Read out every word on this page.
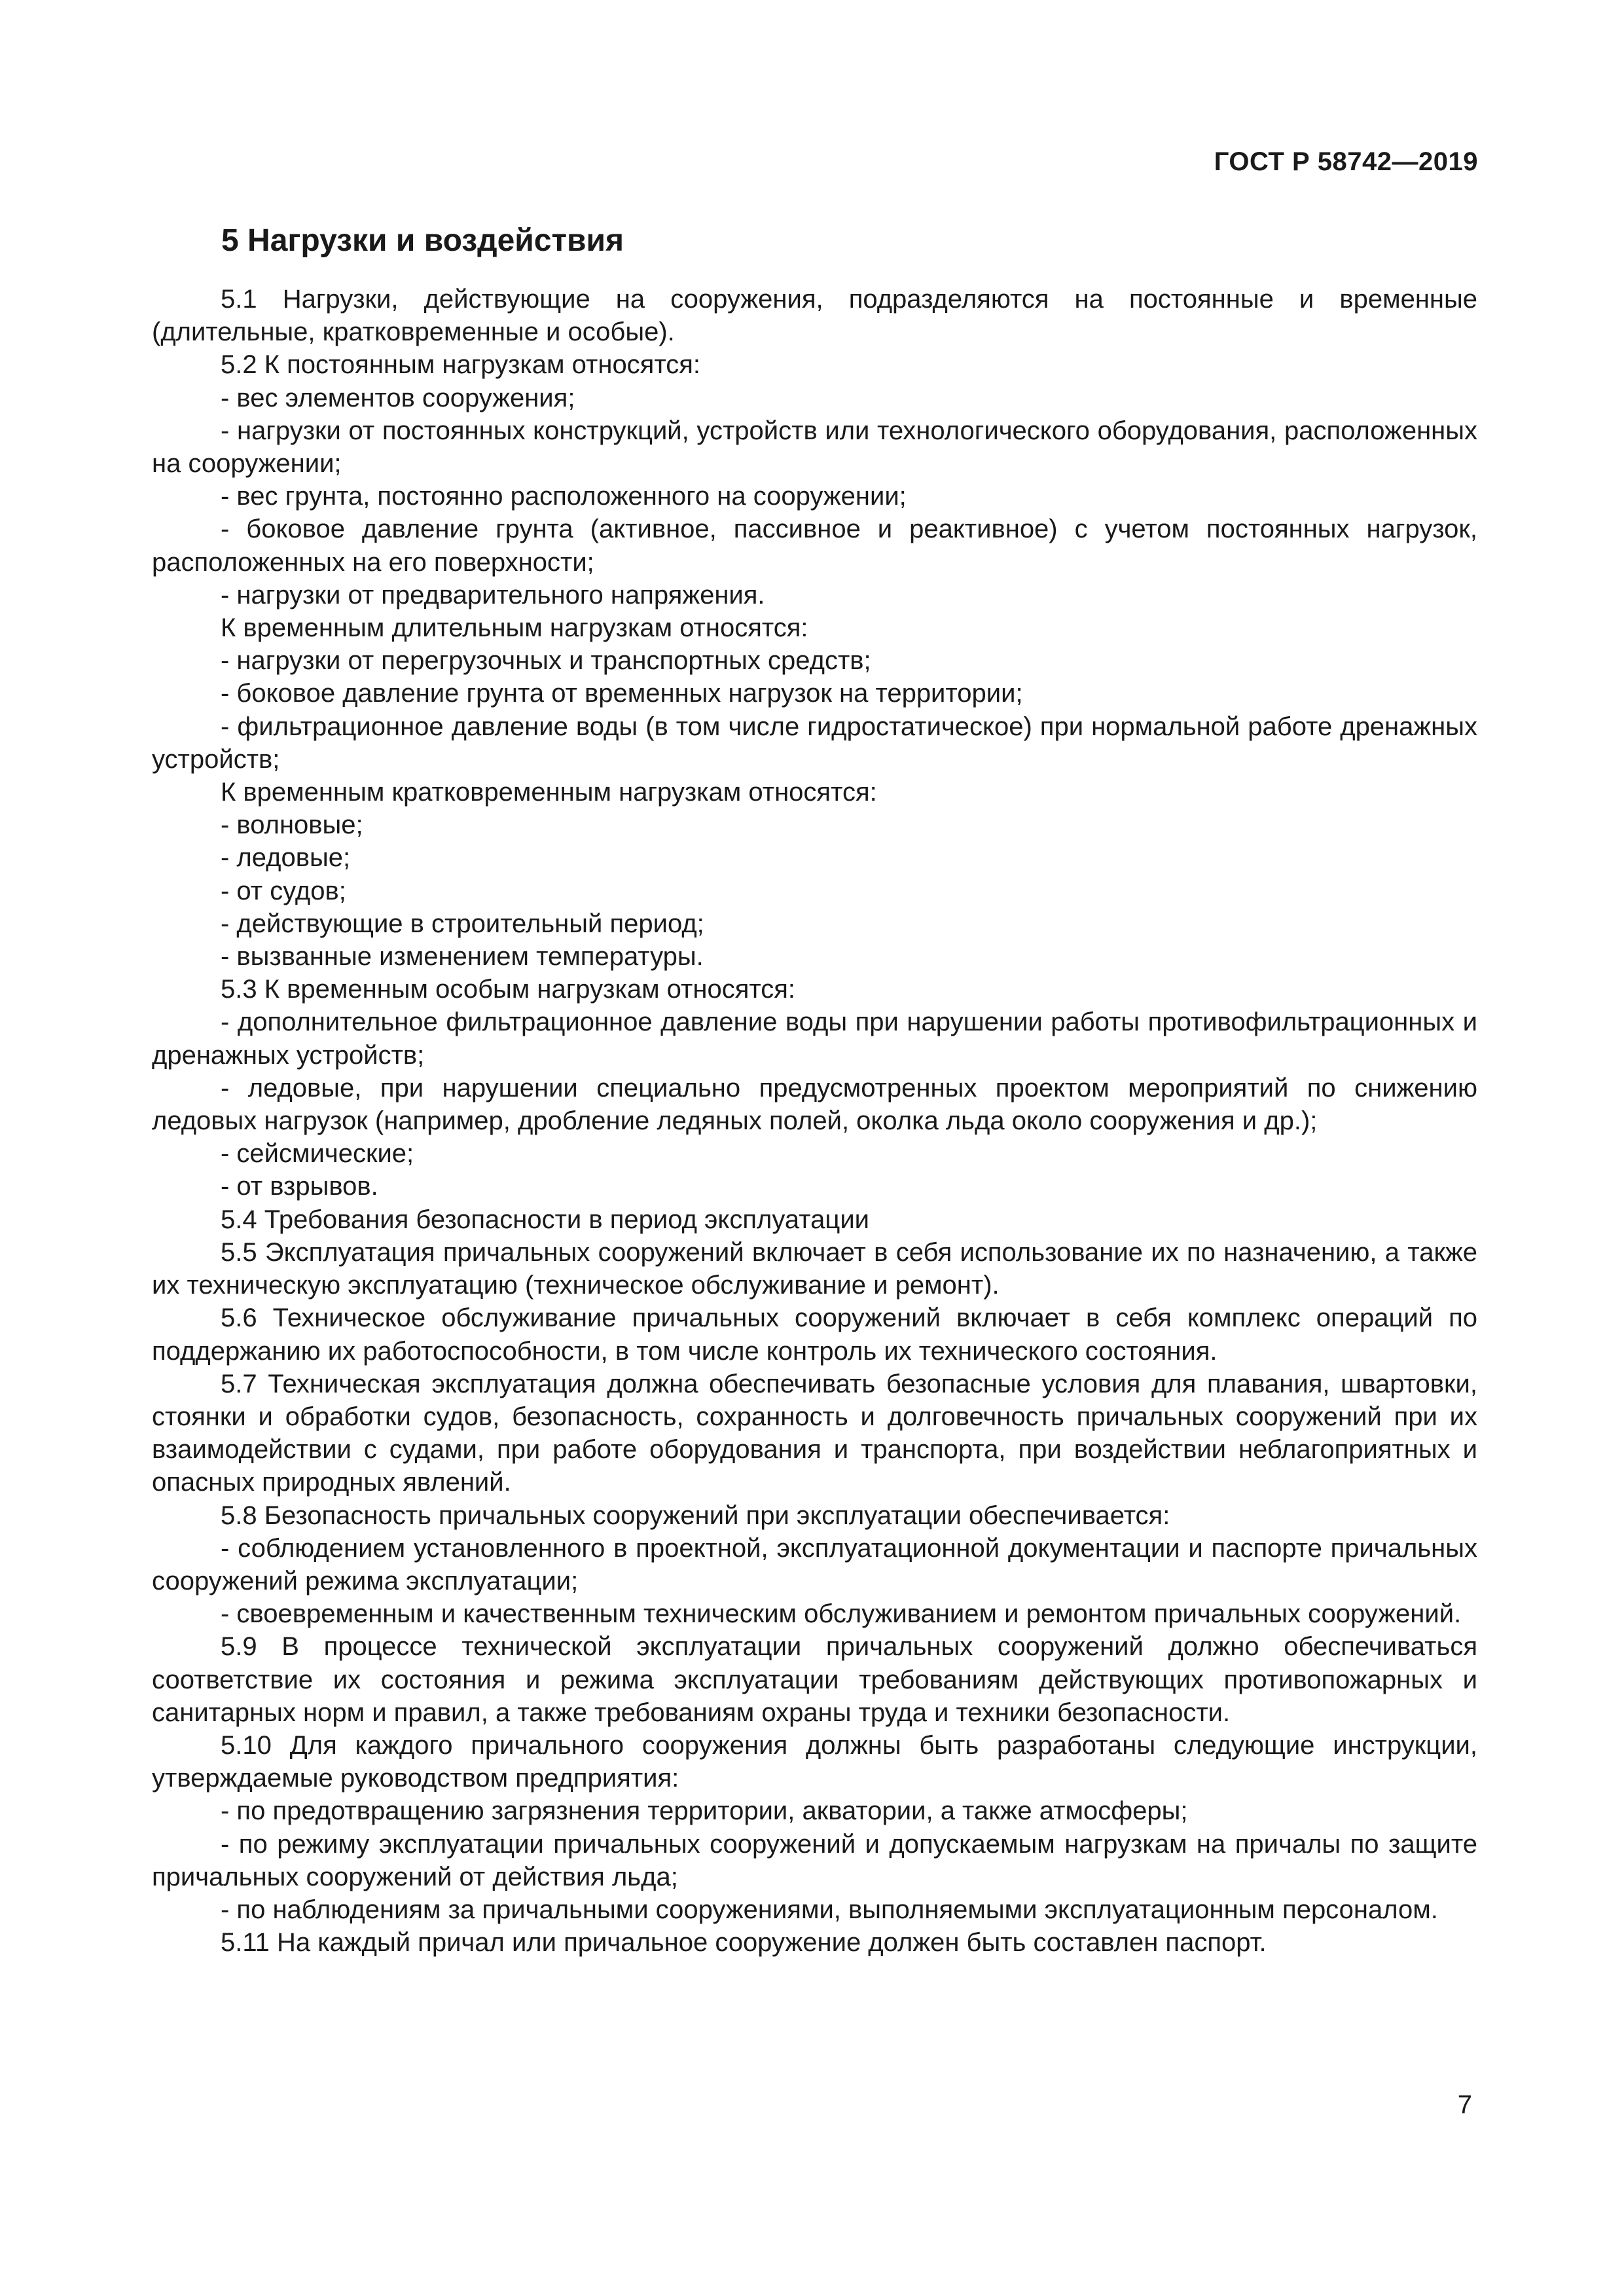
ГОСТ Р 58742—2019
5 Нагрузки и воздействия

5.1 Нагрузки, действующие на сооружения, подразделяются на постоянные и временные (длительные, кратковременные и особые).

5.2 К постоянным нагрузкам относятся:

- вес элементов сооружения;

- нагрузки от постоянных конструкций, устройств или технологического оборудования, расположенных на сооружении;

- вес грунта, постоянно расположенного на сооружении;

- боковое давление грунта (активное, пассивное и реактивное) с учетом постоянных нагрузок, расположенных на его поверхности;

- нагрузки от предварительного напряжения.

К временным длительным нагрузкам относятся:

- нагрузки от перегрузочных и транспортных средств;

- боковое давление грунта от временных нагрузок на территории;

- фильтрационное давление воды (в том числе гидростатическое) при нормальной работе дренажных устройств;

К временным кратковременным нагрузкам относятся:

- волновые;

- ледовые;

- от судов;

- действующие в строительный период;

- вызванные изменением температуры.

5.3 К временным особым нагрузкам относятся:

- дополнительное фильтрационное давление воды при нарушении работы противофильтрационных и дренажных устройств;

- ледовые, при нарушении специально предусмотренных проектом мероприятий по снижению ледовых нагрузок (например, дробление ледяных полей, околка льда около сооружения и др.);

- сейсмические;

- от взрывов.

5.4 Требования безопасности в период эксплуатации

5.5 Эксплуатация причальных сооружений включает в себя использование их по назначению, а также их техническую эксплуатацию (техническое обслуживание и ремонт).

5.6 Техническое обслуживание причальных сооружений включает в себя комплекс операций по поддержанию их работоспособности, в том числе контроль их технического состояния.

5.7 Техническая эксплуатация должна обеспечивать безопасные условия для плавания, швартовки, стоянки и обработки судов, безопасность, сохранность и долговечность причальных сооружений при их взаимодействии с судами, при работе оборудования и транспорта, при воздействии неблагоприятных и опасных природных явлений.

5.8 Безопасность причальных сооружений при эксплуатации обеспечивается:

- соблюдением установленного в проектной, эксплуатационной документации и паспорте причальных сооружений режима эксплуатации;

- своевременным и качественным техническим обслуживанием и ремонтом причальных сооружений.

5.9 В процессе технической эксплуатации причальных сооружений должно обеспечиваться соответствие их состояния и режима эксплуатации требованиям действующих противопожарных и санитарных норм и правил, а также требованиям охраны труда и техники безопасности.

5.10 Для каждого причального сооружения должны быть разработаны следующие инструкции, утверждаемые руководством предприятия:

- по предотвращению загрязнения территории, акватории, а также атмосферы;

- по режиму эксплуатации причальных сооружений и допускаемым нагрузкам на причалы по защите причальных сооружений от действия льда;

- по наблюдениям за причальными сооружениями, выполняемыми эксплуатационным персоналом.

5.11 На каждый причал или причальное сооружение должен быть составлен паспорт.

7
